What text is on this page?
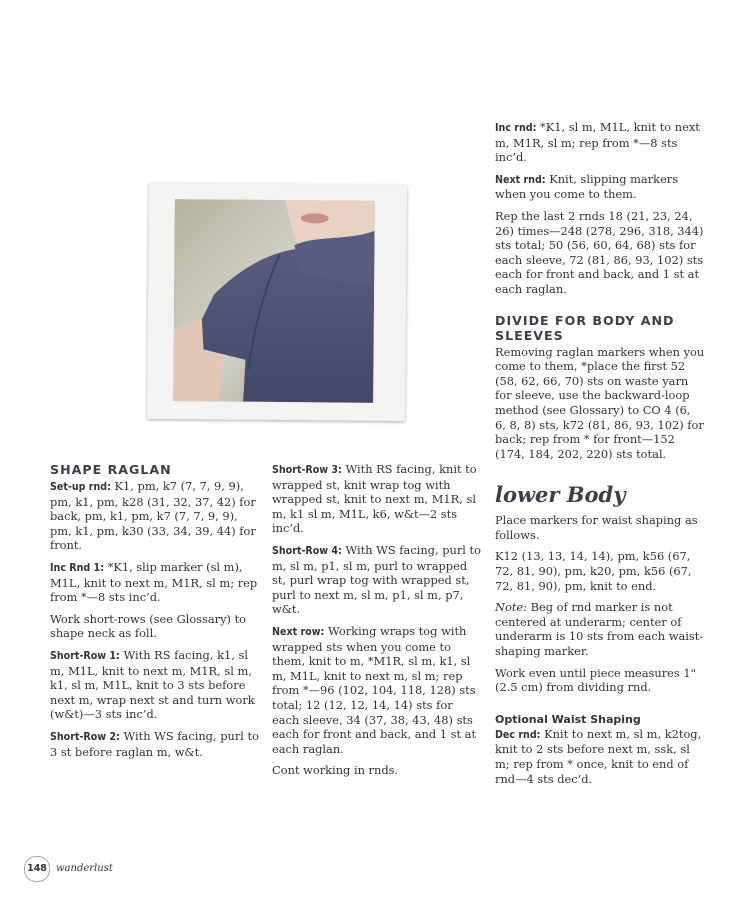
SHAPE RAGLAN

Set-up rnd: K1, pm, k7 (7, 7, 9, 9), pm, k1, pm, k28 (31, 32, 37, 42) for back, pm, k1, pm, k7 (7, 7, 9, 9), pm, k1, pm, k30 (33, 34, 39, 44) for front.

Inc Rnd 1: *K1, slip marker (sl m), M1L, knit to next m, M1R, sl m; rep from *—8 sts inc’d.

Work short-rows (see Glossary) to shape neck as foll.

Short-Row 1: With RS facing, k1, sl m, M1L, knit to next m, M1R, sl m, k1, sl m, M1L, knit to 3 sts before next m, wrap next st and turn work (w&t)—3 sts inc’d.

Short-Row 2: With WS facing, purl to 3 st before raglan m, w&t.

Short-Row 3: With RS facing, knit to wrapped st, knit wrap tog with wrapped st, knit to next m, M1R, sl m, k1 sl m, M1L, k6, w&t—2 sts inc’d.

Short-Row 4: With WS facing, purl to m, sl m, p1, sl m, purl to wrapped st, purl wrap tog with wrapped st, purl to next m, sl m, p1, sl m, p7, w&t.

Next row: Working wraps tog with wrapped sts when you come to them, knit to m, *M1R, sl m, k1, sl m, M1L, knit to next m, sl m; rep from *—96 (102, 104, 118, 128) sts total; 12 (12, 12, 14, 14) sts for each sleeve, 34 (37, 38, 43, 48) sts each for front and back, and 1 st at each raglan.

Cont working in rnds.

Inc rnd: *K1, sl m, M1L, knit to next m, M1R, sl m; rep from *—8 sts inc’d.

Next rnd: Knit, slipping markers when you come to them.

Rep the last 2 rnds 18 (21, 23, 24, 26) times—248 (278, 296, 318, 344) sts total; 50 (56, 60, 64, 68) sts for each sleeve, 72 (81, 86, 93, 102) sts each for front and back, and 1 st at each raglan.

DIVIDE FOR BODY AND SLEEVES

Removing raglan markers when you come to them, *place the first 52 (58, 62, 66, 70) sts on waste yarn for sleeve, use the backward-loop method (see Glossary) to CO 4 (6, 6, 8, 8) sts, k72 (81, 86, 93, 102) for back; rep from * for front—152 (174, 184, 202, 220) sts total.

lower Body

Place markers for waist shaping as follows.

K12 (13, 13, 14, 14), pm, k56 (67, 72, 81, 90), pm, k20, pm, k56 (67, 72, 81, 90), pm, knit to end.

Note: Beg of rnd marker is not centered at underarm; center of underarm is 10 sts from each waist-shaping marker.

Work even until piece measures 1" (2.5 cm) from dividing rnd.

Optional Waist Shaping

Dec rnd: Knit to next m, sl m, k2tog, knit to 2 sts before next m, ssk, sl m; rep from * once, knit to end of rnd—4 sts dec’d.

148 wanderlust
